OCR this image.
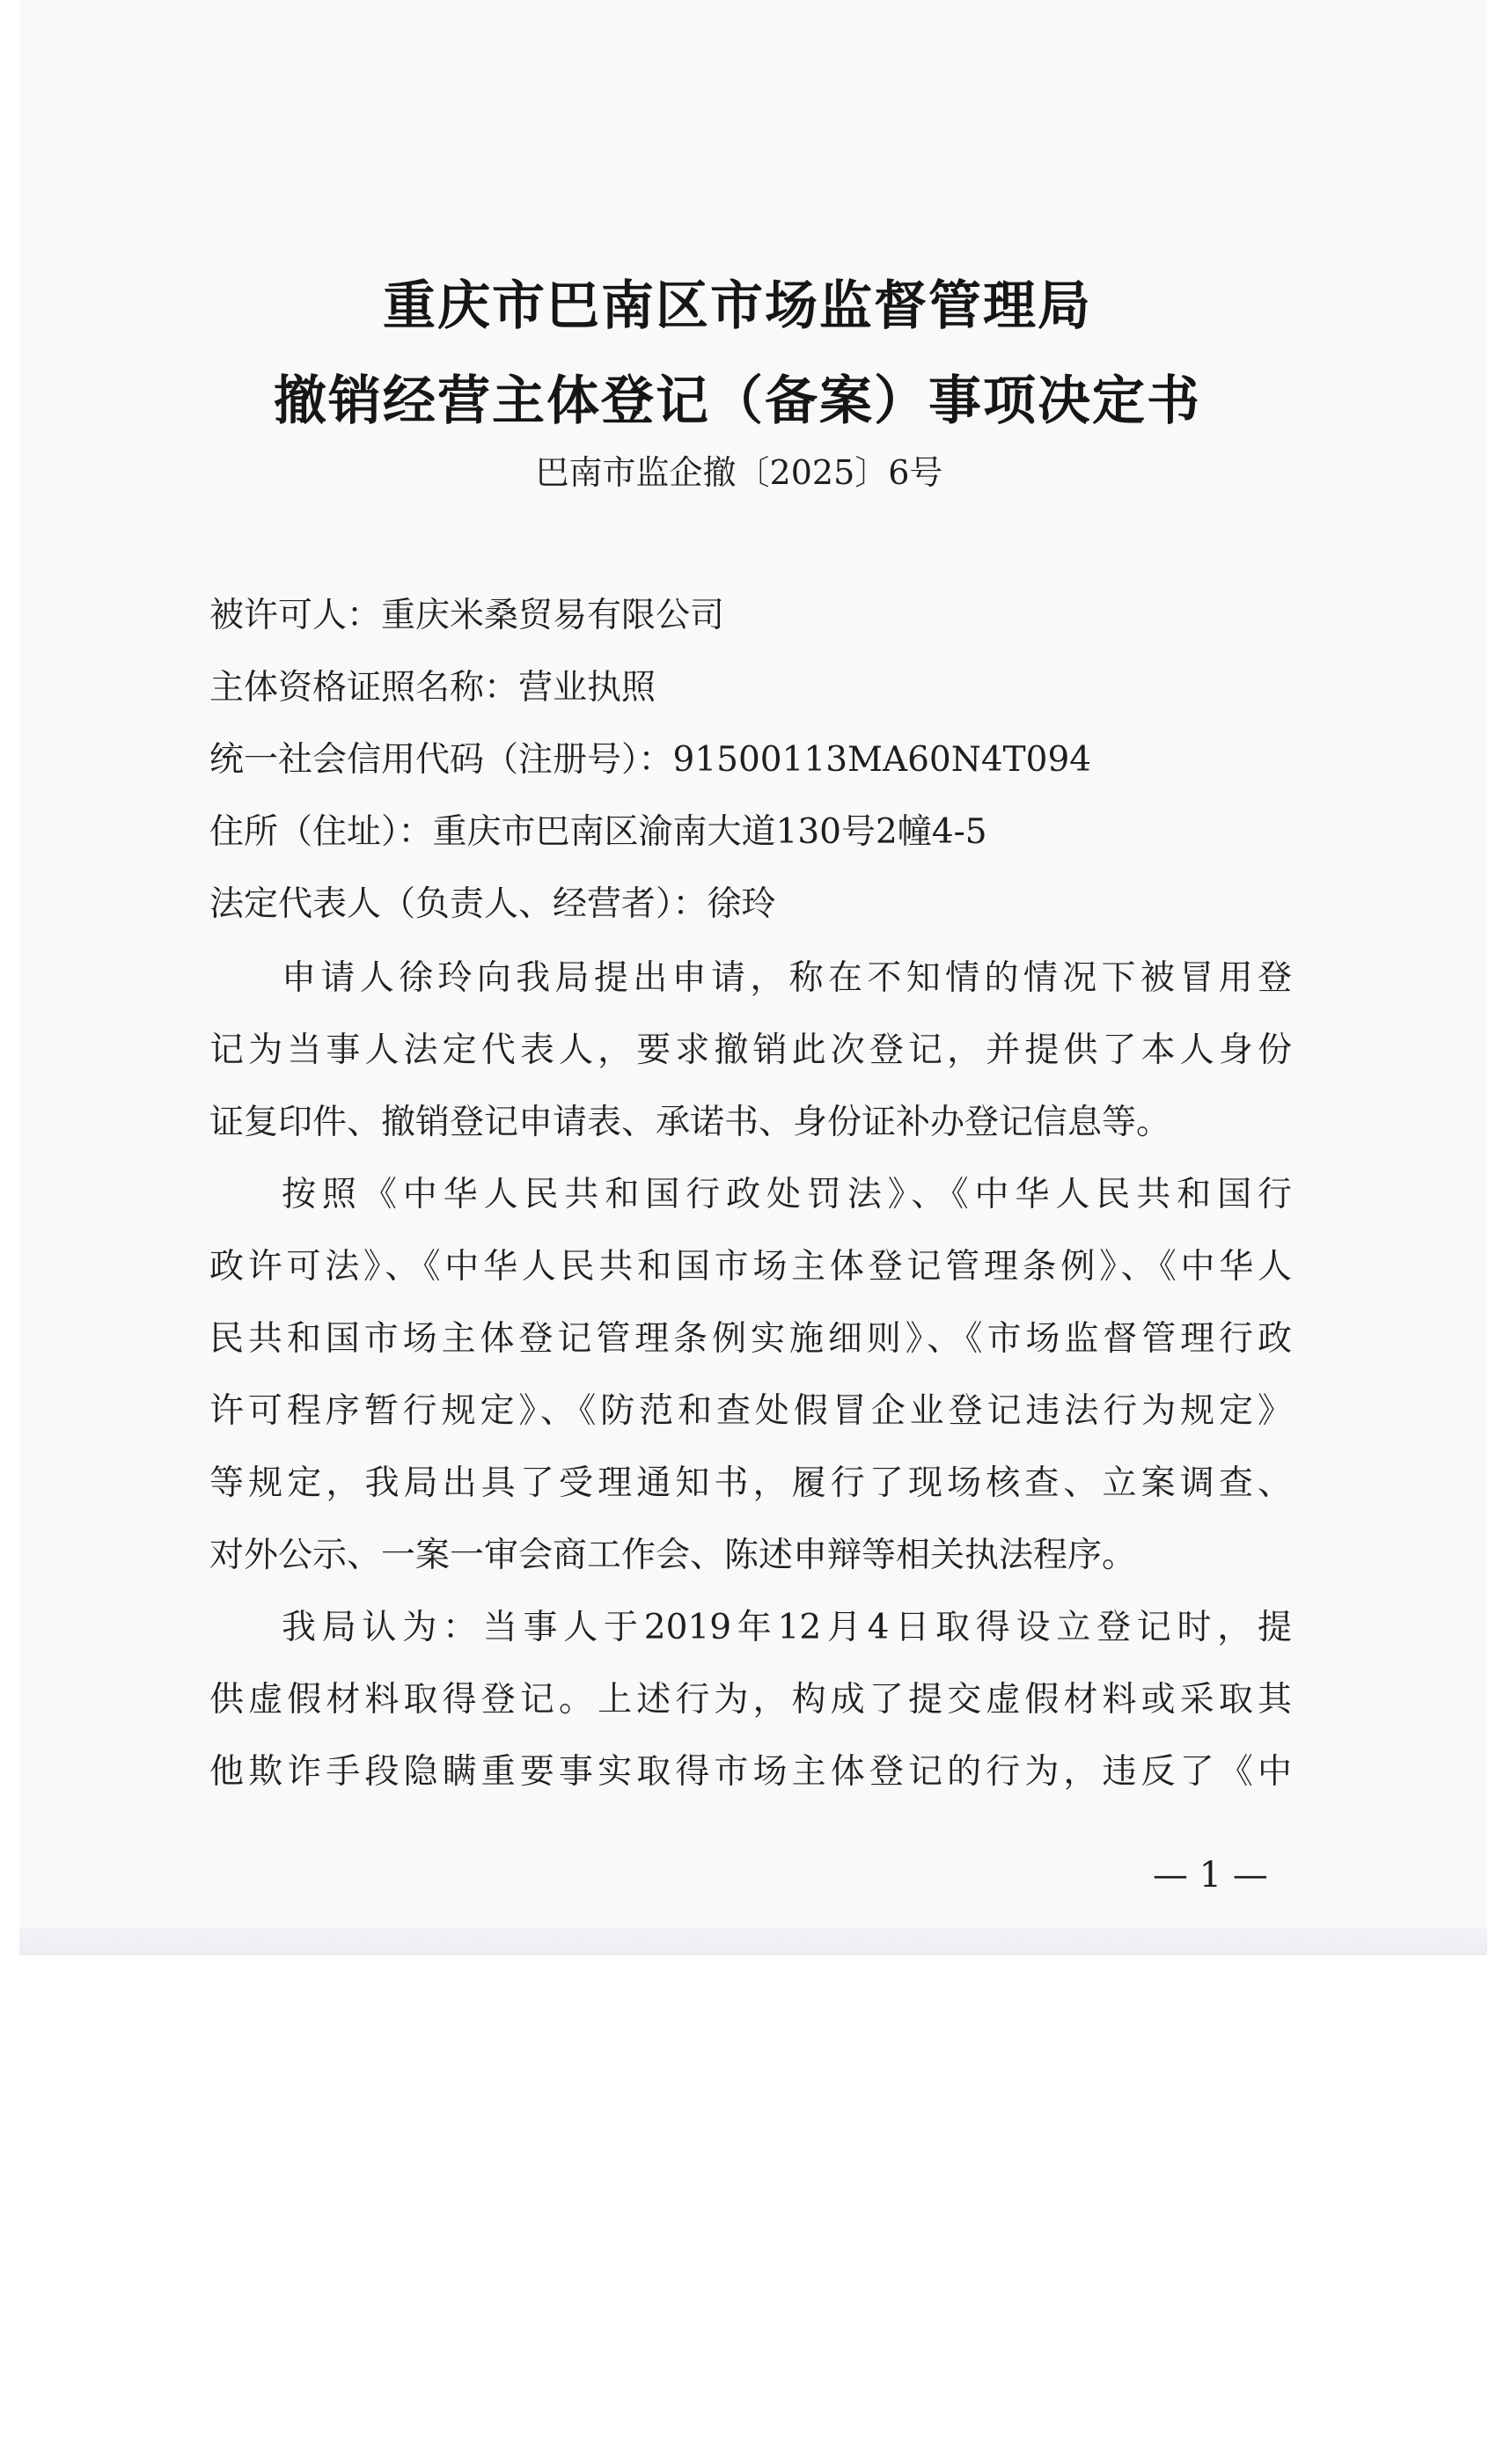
重庆市巴南区市场监督管理局
撤销经营主体登记（备案）事项决定书
巴南市监企撤〔2025〕6号
被许可人：重庆米桑贸易有限公司
主体资格证照名称：营业执照
统一社会信用代码（注册号）：91500113MA60N4T094
住所（住址）：重庆市巴南区渝南大道130号2幢4-5
法定代表人（负责人、经营者）：徐玲
申请人徐玲向我局提出申请，称在不知情的情况下被冒用登
记为当事人法定代表人，要求撤销此次登记，并提供了本人身份
证复印件、撤销登记申请表、承诺书、身份证补办登记信息等。
按照《中华人民共和国行政处罚法》、《中华人民共和国行
政许可法》、《中华人民共和国市场主体登记管理条例》、《中华人
民共和国市场主体登记管理条例实施细则》、《市场监督管理行政
许可程序暂行规定》、《防范和查处假冒企业登记违法行为规定》
等规定，我局出具了受理通知书，履行了现场核查、立案调查、
对外公示、一案一审会商工作会、陈述申辩等相关执法程序。
我局认为：当事人于2019年12月4日取得设立登记时，提
供虚假材料取得登记。上述行为，构成了提交虚假材料或采取其
他欺诈手段隐瞒重要事实取得市场主体登记的行为，违反了《中
— 1 —
